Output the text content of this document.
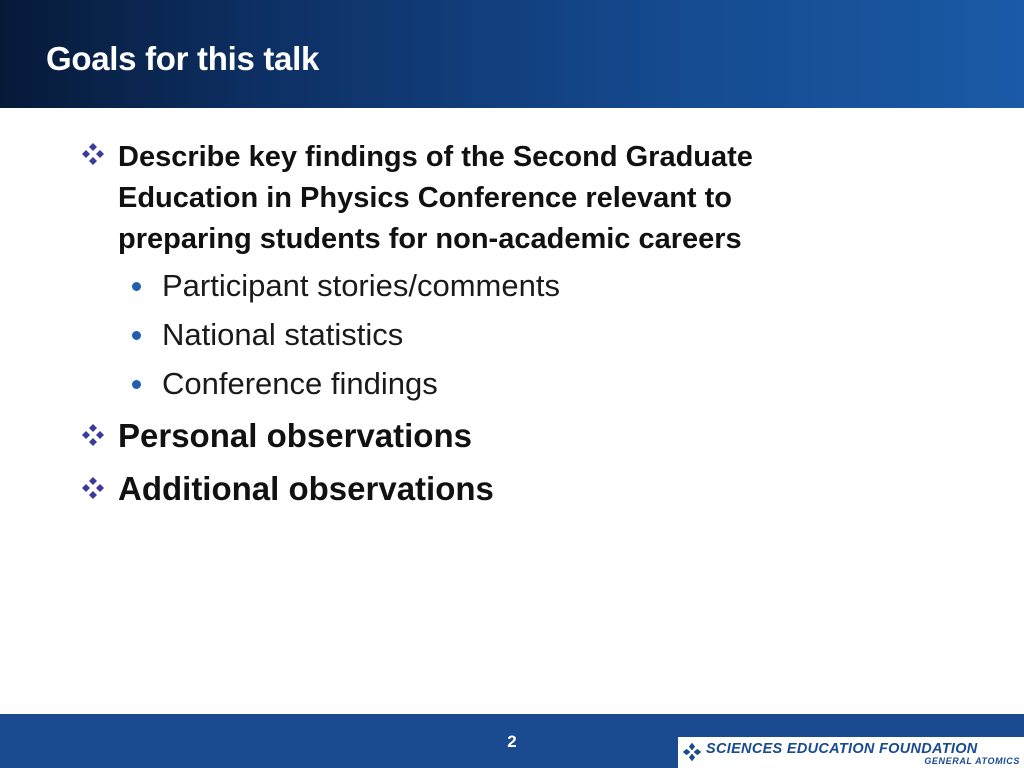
Goals for this talk
Describe key findings of the Second Graduate
Education in Physics Conference relevant to
preparing students for non-academic careers
Participant stories/comments
National statistics
Conference findings
Personal observations
Additional observations
2	SCIENCES EDUCATION FOUNDATION
GENERAL ATOMICS
